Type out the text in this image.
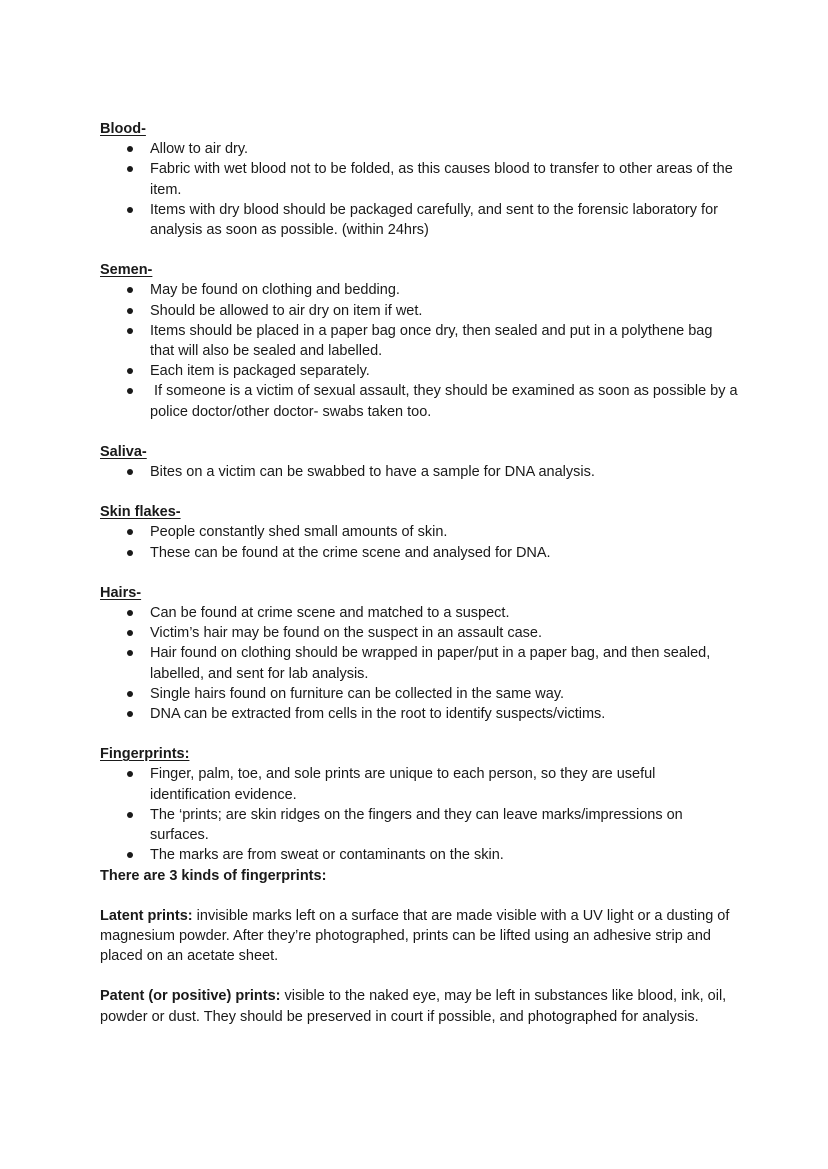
Blood-
Allow to air dry.
Fabric with wet blood not to be folded, as this causes blood to transfer to other areas of the item.
Items with dry blood should be packaged carefully, and sent to the forensic laboratory for analysis as soon as possible. (within 24hrs)
Semen-
May be found on clothing and bedding.
Should be allowed to air dry on item if wet.
Items should be placed in a paper bag once dry, then sealed and put in a polythene bag that will also be sealed and labelled.
Each item is packaged separately.
If someone is a victim of sexual assault, they should be examined as soon as possible by a police doctor/other doctor- swabs taken too.
Saliva-
Bites on a victim can be swabbed to have a sample for DNA analysis.
Skin flakes-
People constantly shed small amounts of skin.
These can be found at the crime scene and analysed for DNA.
Hairs-
Can be found at crime scene and matched to a suspect.
Victim’s hair may be found on the suspect in an assault case.
Hair found on clothing should be wrapped in paper/put in a paper bag, and then sealed, labelled, and sent for lab analysis.
Single hairs found on furniture can be collected in the same way.
DNA can be extracted from cells in the root to identify suspects/victims.
Fingerprints:
Finger, palm, toe, and sole prints are unique to each person, so they are useful identification evidence.
The ‘prints; are skin ridges on the fingers and they can leave marks/impressions on surfaces.
The marks are from sweat or contaminants on the skin.
There are 3 kinds of fingerprints:

Latent prints: invisible marks left on a surface that are made visible with a UV light or a dusting of magnesium powder. After they’re photographed, prints can be lifted using an adhesive strip and placed on an acetate sheet.

Patent (or positive) prints: visible to the naked eye, may be left in substances like blood, ink, oil, powder or dust. They should be preserved in court if possible, and photographed for analysis.
